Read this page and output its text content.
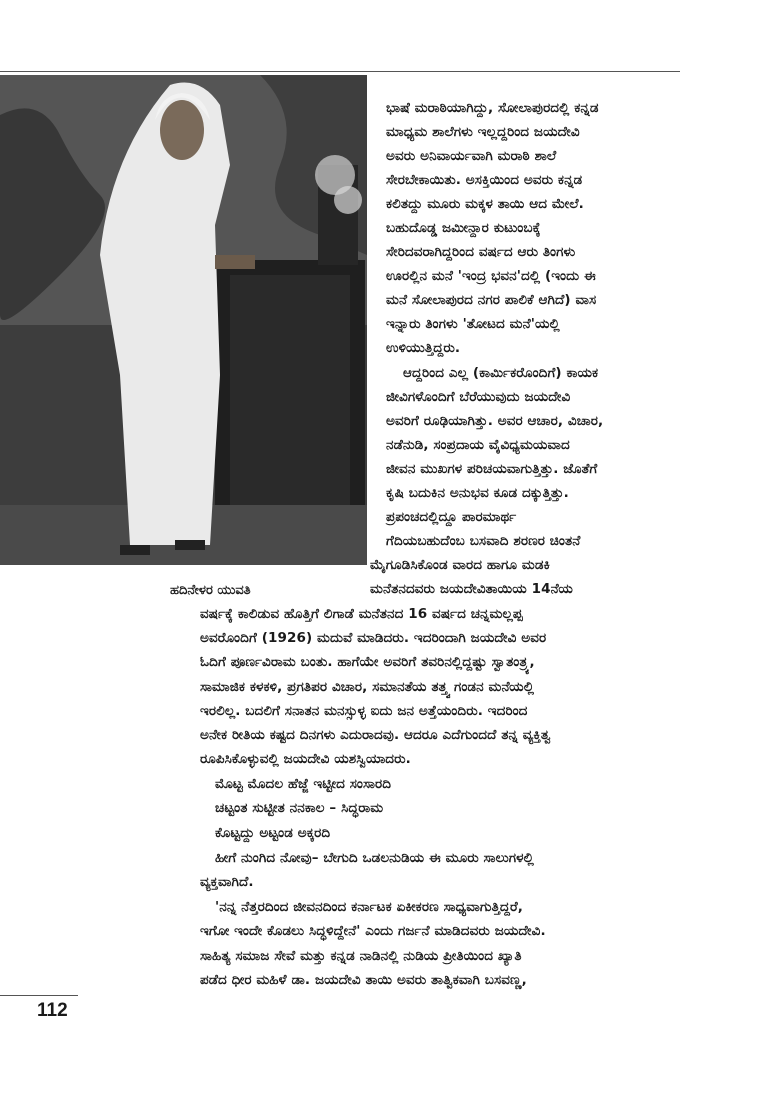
ಹದಿನೇಳರ ಯುವತಿ
ಭಾಷೆ ಮರಾಠಿಯಾಗಿದ್ದು, ಸೋಲಾಪುರದಲ್ಲಿ ಕನ್ನಡ
ಮಾಧ್ಯಮ ಶಾಲೆಗಳು ಇಲ್ಲದ್ದರಿಂದ ಜಯದೇವಿ
ಅವರು ಅನಿವಾರ್ಯವಾಗಿ ಮರಾಠಿ ಶಾಲೆ
ಸೇರಬೇಕಾಯಿತು. ಅಸಕ್ತಿಯಿಂದ ಅವರು ಕನ್ನಡ
ಕಲಿತದ್ದು ಮೂರು ಮಕ್ಕಳ ತಾಯಿ ಆದ ಮೇಲೆ.
ಬಹುದೊಡ್ಡ ಜಮೀನ್ದಾರ ಕುಟುಂಬಕ್ಕೆ
ಸೇರಿದವರಾಗಿದ್ದರಿಂದ ವರ್ಷದ ಆರು ತಿಂಗಳು
ಊರಲ್ಲಿನ ಮನೆ 'ಇಂದ್ರ ಭವನ'ದಲ್ಲಿ (ಇಂದು ಈ
ಮನೆ ಸೋಲಾಪುರದ ನಗರ ಪಾಲಿಕೆ ಆಗಿದೆ) ವಾಸ
ಇನ್ನಾರು ತಿಂಗಳು 'ತೋಟದ ಮನೆ'ಯಲ್ಲಿ
ಉಳಿಯುತ್ತಿದ್ದರು.
ಆದ್ದರಿಂದ ಎಲ್ಲ (ಕಾರ್ಮಿಕರೊಂದಿಗೆ) ಕಾಯಕ
ಜೀವಿಗಳೊಂದಿಗೆ ಬೆರೆಯುವುದು ಜಯದೇವಿ
ಅವರಿಗೆ ರೂಢಿಯಾಗಿತ್ತು. ಅವರ ಆಚಾರ, ವಿಚಾರ,
ನಡೆನುಡಿ, ಸಂಪ್ರದಾಯ ವೈವಿಧ್ಯಮಯವಾದ
ಜೀವನ ಮುಖಗಳ ಪರಿಚಯವಾಗುತ್ತಿತ್ತು. ಜೊತೆಗೆ
ಕೃಷಿ ಬದುಕಿನ ಅನುಭವ ಕೂಡ ದಕ್ಕುತ್ತಿತ್ತು.
ಪ್ರಪಂಚದಲ್ಲಿದ್ದೂ ಪಾರಮಾರ್ಥ
ಗೆದಿಯಬಹುದೆಂಬ ಬಸವಾದಿ ಶರಣರ ಚಿಂತನೆ
ಮೈಗೂಡಿಸಿಕೊಂಡ ವಾರದ ಹಾಗೂ ಮಡಕಿ
ಮನೆತನದವರು ಜಯದೇವಿತಾಯಿಯ 14ನೆಯ
ವರ್ಷಕ್ಕೆ ಕಾಲಿಡುವ ಹೊತ್ತಿಗೆ ಲಿಗಾಡೆ ಮನೆತನದ 16 ವರ್ಷದ ಚನ್ನಮಲ್ಲಪ್ಪ
ಅವರೊಂದಿಗೆ (1926) ಮದುವೆ ಮಾಡಿದರು. ಇದರಿಂದಾಗಿ ಜಯದೇವಿ ಅವರ
ಓದಿಗೆ ಪೂರ್ಣವಿರಾಮ ಬಂತು. ಹಾಗೆಯೇ ಅವರಿಗೆ ತವರಿನಲ್ಲಿದ್ದಷ್ಟು ಸ್ವಾತಂತ್ರ್ಯ,
ಸಾಮಾಜಿಕ ಕಳಕಳಿ, ಪ್ರಗತಿಪರ ವಿಚಾರ, ಸಮಾನತೆಯ ತತ್ತ್ವ ಗಂಡನ ಮನೆಯಲ್ಲಿ
ಇರಲಿಲ್ಲ. ಬದಲಿಗೆ ಸನಾತನ ಮನಸ್ಸುಳ್ಳ ಐದು ಜನ ಅತ್ತೆಯಂದಿರು. ಇದರಿಂದ
ಅನೇಕ ರೀತಿಯ ಕಷ್ಟದ ದಿನಗಳು ಎದುರಾದವು. ಆದರೂ ಎದೆಗುಂದದೆ ತನ್ನ ವ್ಯಕ್ತಿತ್ವ
ರೂಪಿಸಿಕೊಳ್ಳುವಲ್ಲಿ ಜಯದೇವಿ ಯಶಸ್ವಿಯಾದರು.
ಮೊಟ್ಟ ಮೊದಲ ಹೆಜ್ಜೆ ಇಟ್ಟೀದ ಸಂಸಾರದಿ
ಚಟ್ಟಂತ ಸುಟ್ಟೀತ ನನಕಾಲ – ಸಿದ್ಧರಾಮ
ಕೊಟ್ಟದ್ದು ಅಟ್ಟಂಡ ಅಕ್ಕರದಿ
ಹೀಗೆ ನುಂಗಿದ ನೋವು– ಬೇಗುದಿ ಒಡಲನುಡಿಯ ಈ ಮೂರು ಸಾಲುಗಳಲ್ಲಿ
ವ್ಯಕ್ತವಾಗಿದೆ.
'ನನ್ನ ನೆತ್ತರದಿಂದ ಜೀವನದಿಂದ ಕರ್ನಾಟಕ ಏಕೀಕರಣ ಸಾಧ್ಯವಾಗುತ್ತಿದ್ದರೆ,
ಇಗೋ ಇಂದೇ ಕೊಡಲು ಸಿದ್ಧಳಿದ್ದೇನೆ' ಎಂದು ಗರ್ಜನೆ ಮಾಡಿದವರು ಜಯದೇವಿ.
ಸಾಹಿತ್ಯ ಸಮಾಜ ಸೇವೆ ಮತ್ತು ಕನ್ನಡ ನಾಡಿನಲ್ಲಿ ನುಡಿಯ ಪ್ರೀತಿಯಿಂದ ಖ್ಯಾತಿ
ಪಡೆದ ಧೀರ ಮಹಿಳೆ ಡಾ. ಜಯದೇವಿ ತಾಯಿ ಅವರು ತಾತ್ವಿಕವಾಗಿ ಬಸವಣ್ಣ,
112
